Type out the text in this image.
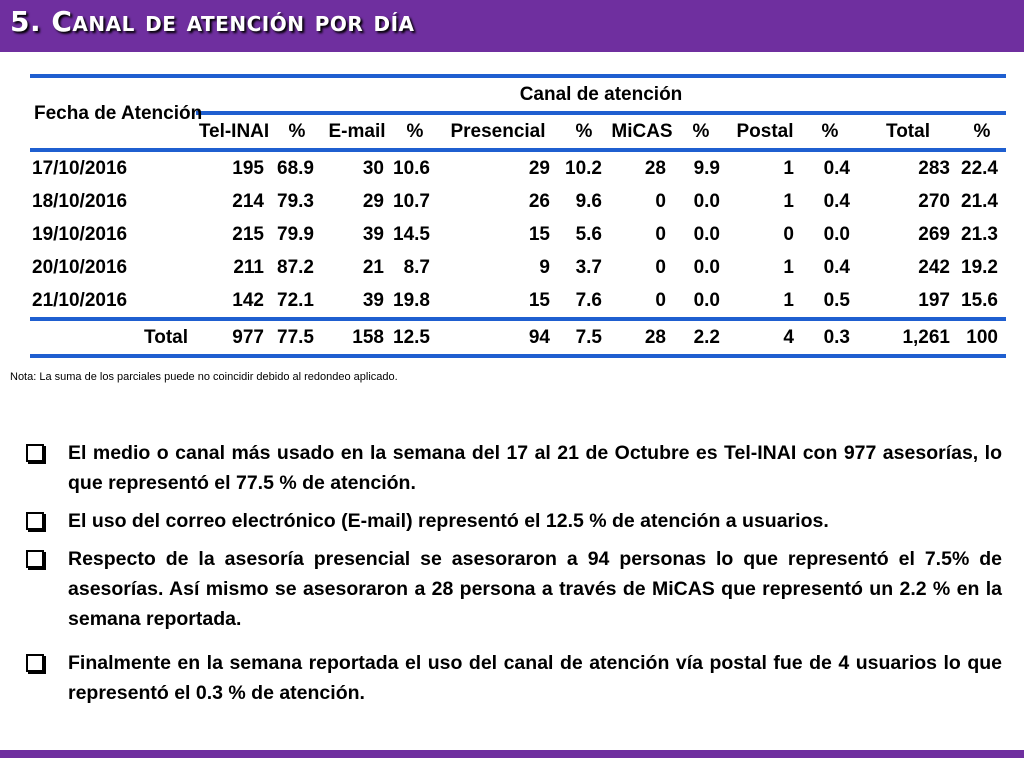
5. Canal de atención por día

Fecha de Atención	Canal de atención											
	Tel-INAI	%	E-mail	%	Presencial	%	MiCAS	%	Postal	%	Total	%
17/10/2016	195	68.9	30	10.6	29	10.2	28	9.9	1	0.4	283	22.4
18/10/2016	214	79.3	29	10.7	26	9.6	0	0.0	1	0.4	270	21.4
19/10/2016	215	79.9	39	14.5	15	5.6	0	0.0	0	0.0	269	21.3
20/10/2016	211	87.2	21	8.7	9	3.7	0	0.0	1	0.4	242	19.2
21/10/2016	142	72.1	39	19.8	15	7.6	0	0.0	1	0.5	197	15.6
Total	977	77.5	158	12.5	94	7.5	28	2.2	4	0.3	1,261	100
Nota: La suma de los parciales puede no coincidir debido al redondeo aplicado.
El medio o canal más usado en la semana del 17 al 21 de Octubre es Tel-INAI con 977 asesorías, lo que representó el 77.5 % de atención.
El uso del correo electrónico (E-mail) representó el 12.5 % de atención a usuarios.
Respecto de la asesoría presencial se asesoraron a 94 personas lo que representó el 7.5% de asesorías. Así mismo se asesoraron a 28 persona a través de MiCAS que representó un 2.2 % en la semana reportada.
Finalmente en la semana reportada el uso del canal de atención vía postal fue de 4 usuarios lo que representó el 0.3 % de atención.
